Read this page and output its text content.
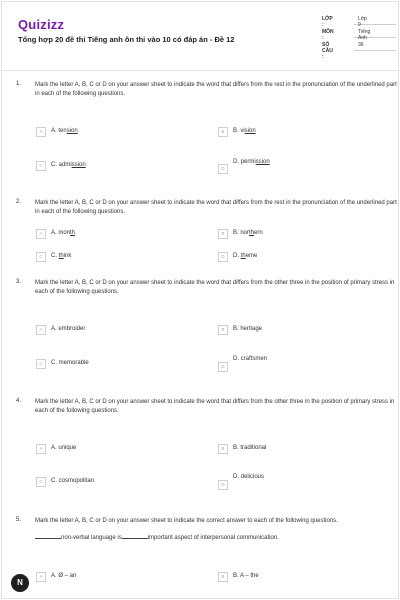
Quizizz
Tổng hợp 20 đề thi Tiếng anh ôn thi vào 10 có đáp án - Đề 12
LỚP :
Lớp 9
MÔN :
Tiếng Anh
SỐ CÂU :
36
1. Mark the letter A, B, C or D on your answer sheet to indicate the word that differs from the rest in the pronunciation of the underlined part in each of the following questions.
A	A. tension	B	B. vision
C	C. admission
D
D. permission
2. Mark the letter A, B, C or D on your answer sheet to indicate the word that differs from the rest in the pronunciation of the underlined part in each of the following questions.
A	A. month	B	B. northern
C	C. think	D	D. theme
3. Mark the letter A, B, C or D on your answer sheet to indicate the word that differs from the other three in the position of primary stress in each of the following questions.
A	A. embroider	B	B. heritage
C	C. memorable
D
D. craftsmen
4. Mark the letter A, B, C or D on your answer sheet to indicate the word that differs from the other three in the position of primary stress in each of the following questions.
A	A. unique	B	B. traditional
C	C. cosmopolitan
D
D. delicious
5. Mark the letter A, B, C or D on your answer sheet to indicate the correct answer to each of the following questions.
non-verbal language is	important aspect of interpersonal communication.
A	A. Ø – an	B	B. A – the
N
